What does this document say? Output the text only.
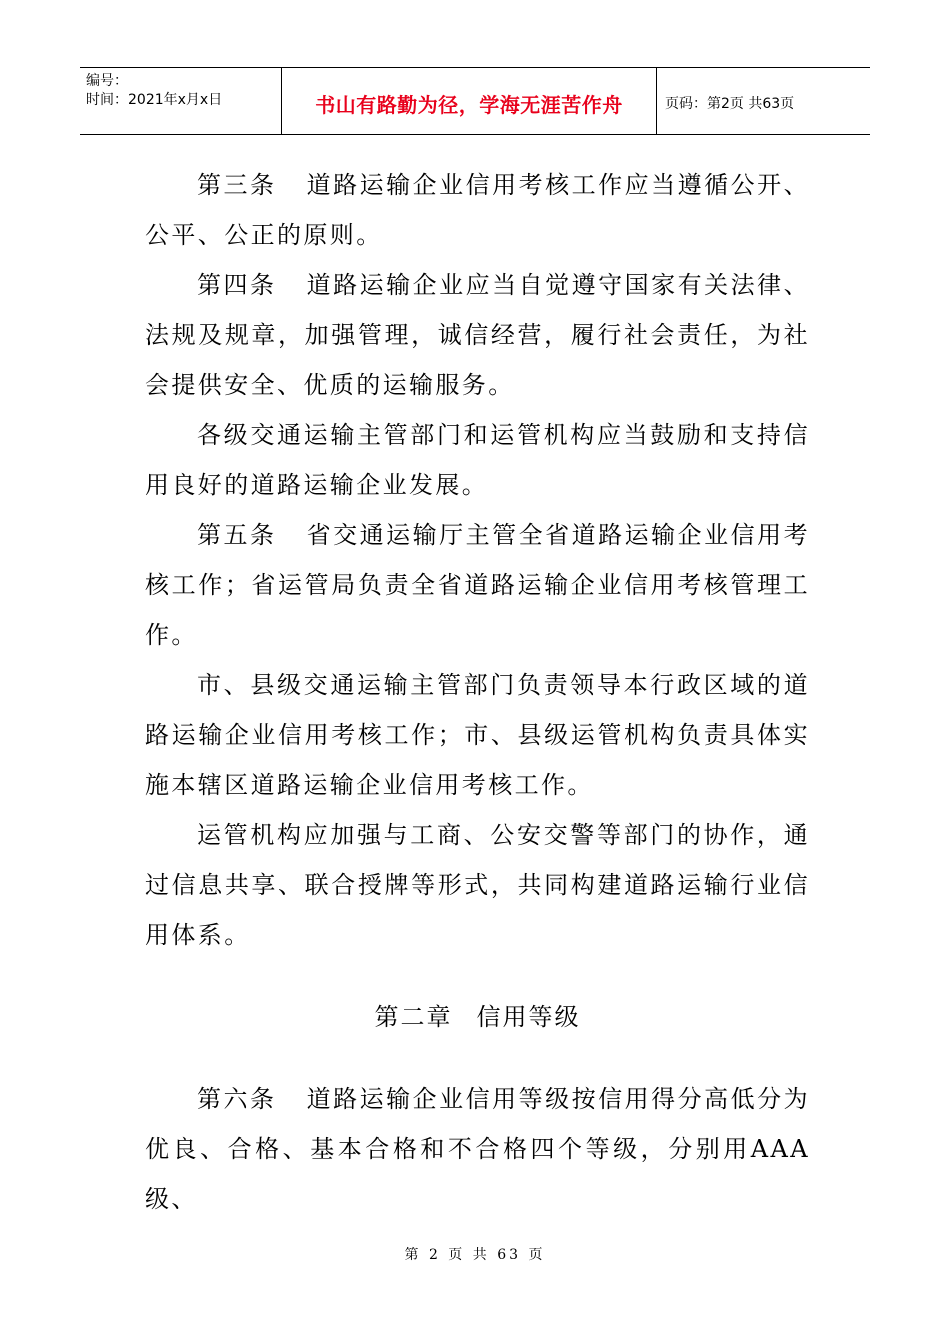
编号：
时间：2021年x月x日	书山有路勤为径，学海无涯苦作舟	页码：第2页 共63页

第三条 道路运输企业信用考核工作应当遵循公开、公平、公正的原则。

第四条 道路运输企业应当自觉遵守国家有关法律、法规及规章，加强管理，诚信经营，履行社会责任，为社会提供安全、优质的运输服务。

各级交通运输主管部门和运管机构应当鼓励和支持信用良好的道路运输企业发展。

第五条 省交通运输厅主管全省道路运输企业信用考核工作；省运管局负责全省道路运输企业信用考核管理工作。

市、县级交通运输主管部门负责领导本行政区域的道路运输企业信用考核工作；市、县级运管机构负责具体实施本辖区道路运输企业信用考核工作。

运管机构应加强与工商、公安交警等部门的协作，通过信息共享、联合授牌等形式，共同构建道路运输行业信用体系。

第二章 信用等级

第六条 道路运输企业信用等级按信用得分高低分为优良、合格、基本合格和不合格四个等级，分别用AAA级、

第 2 页 共 63 页
